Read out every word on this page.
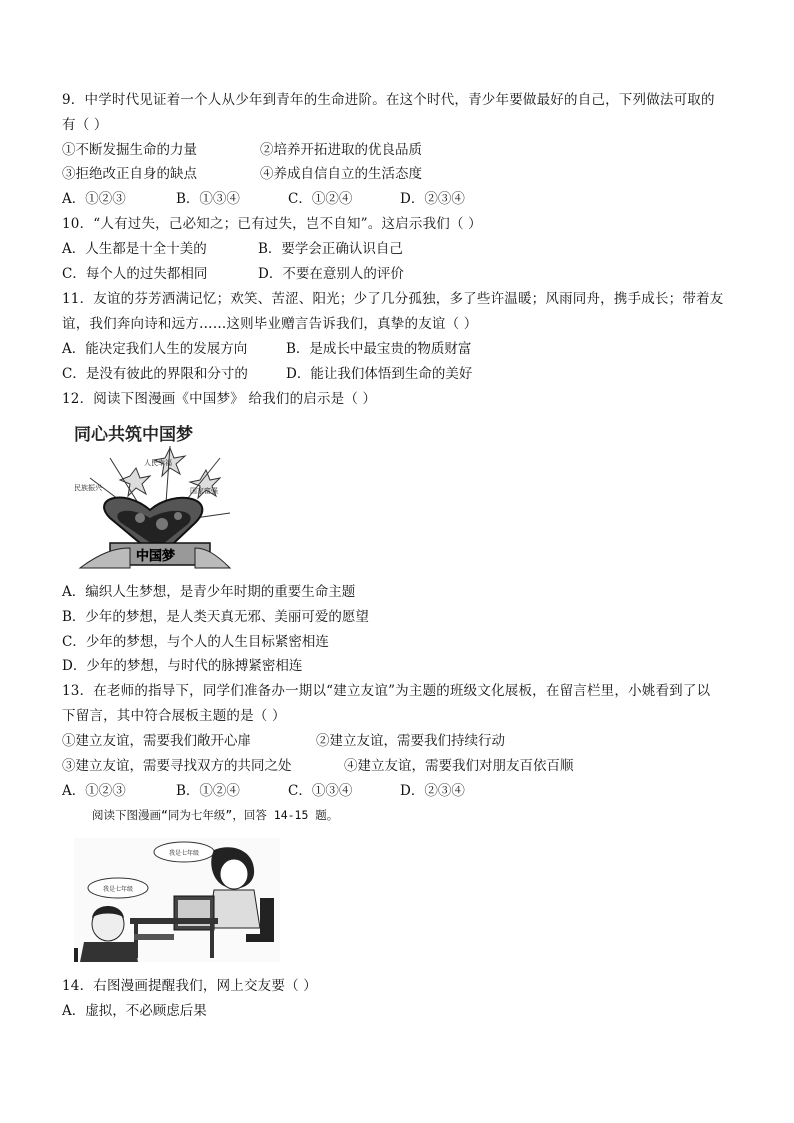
9．中学时代见证着一个人从少年到青年的生命进阶。在这个时代，青少年要做最好的自己，下列做法可取的
有（ ）
①不断发掘生命的力量	②培养开拓进取的优良品质
③拒绝改正自身的缺点	④养成自信自立的生活态度
A．①②③	B．①③④	C．①②④	D．②③④
10．“人有过失，己必知之；已有过失，岂不自知”。这启示我们（ ）
A．人生都是十全十美的	B．要学会正确认识自己
C．每个人的过失都相同	D．不要在意别人的评价
11．友谊的芬芳洒满记忆；欢笑、苦涩、阳光；少了几分孤独，多了些许温暖；风雨同舟，携手成长；带着友
谊，我们奔向诗和远方……这则毕业赠言告诉我们，真挚的友谊（ ）
A．能决定我们人生的发展方向	B．是成长中最宝贵的物质财富
C．是没有彼此的界限和分寸的	D．能让我们体悟到生命的美好
12．阅读下图漫画《中国梦》 给我们的启示是（ ）
同心共筑中国梦
人民幸福
民族振兴	国家富强
中国梦
A．编织人生梦想，是青少年时期的重要生命主题
B．少年的梦想，是人类天真无邪、美丽可爱的愿望
C．少年的梦想，与个人的人生目标紧密相连
D．少年的梦想，与时代的脉搏紧密相连
13．在老师的指导下，同学们准备办一期以“建立友谊”为主题的班级文化展板，在留言栏里，小姚看到了以
下留言，其中符合展板主题的是（ ）
①建立友谊，需要我们敞开心扉	②建立友谊，需要我们持续行动
③建立友谊，需要寻找双方的共同之处	④建立友谊，需要我们对朋友百依百顺
A．①②③	B．①②④	C．①③④	D．②③④
阅读下图漫画“同为七年级”，回答 14-15 题。
我是七年级
我是七年级
14．右图漫画提醒我们，网上交友要（ ）
A．虚拟，不必顾虑后果
